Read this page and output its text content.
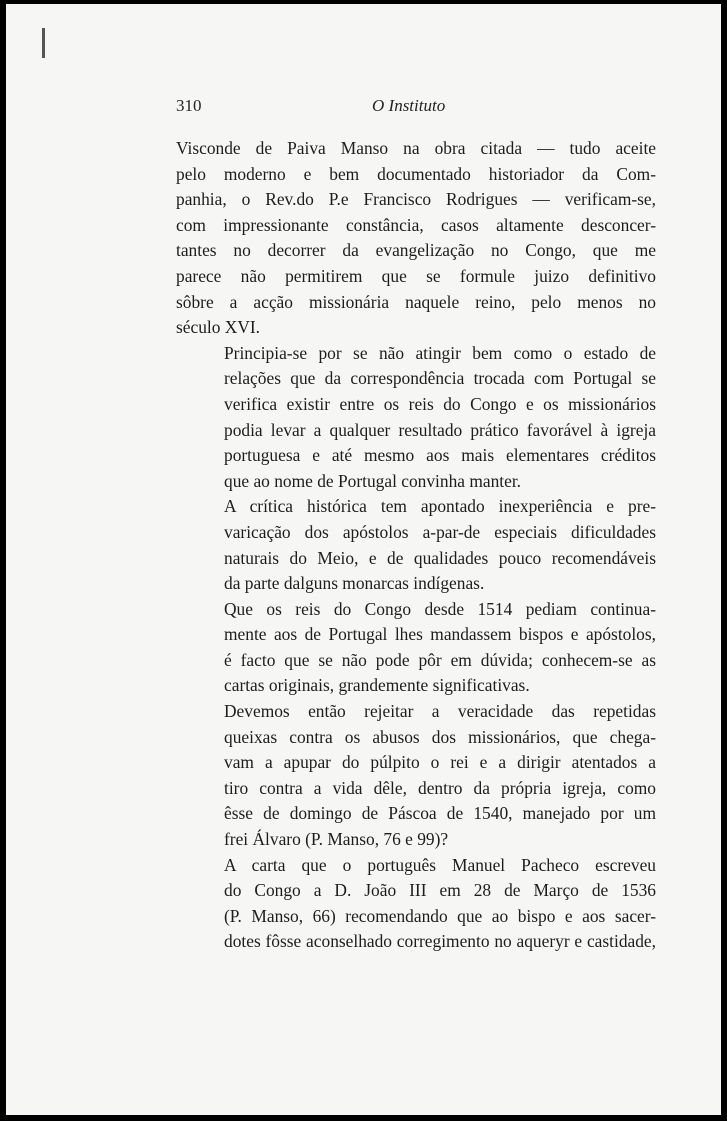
310	O Instituto

Visconde de Paiva Manso na obra citada — tudo aceite
pelo moderno e bem documentado historiador da Com-
panhia, o Rev.do P.e Francisco Rodrigues — verificam-se,
com impressionante constância, casos altamente desconcer-
tantes no decorrer da evangelização no Congo, que me
parece não permitirem que se formule juizo definitivo
sôbre a acção missionária naquele reino, pelo menos no
século XVI.

Principia-se por se não atingir bem como o estado de
relações que da correspondência trocada com Portugal se
verifica existir entre os reis do Congo e os missionários
podia levar a qualquer resultado prático favorável à igreja
portuguesa e até mesmo aos mais elementares créditos
que ao nome de Portugal convinha manter.

A crítica histórica tem apontado inexperiência e pre-
varicação dos apóstolos a-par-de especiais dificuldades
naturais do Meio, e de qualidades pouco recomendáveis
da parte dalguns monarcas indígenas.

Que os reis do Congo desde 1514 pediam continua-
mente aos de Portugal lhes mandassem bispos e apóstolos,
é facto que se não pode pôr em dúvida; conhecem-se as
cartas originais, grandemente significativas.

Devemos então rejeitar a veracidade das repetidas
queixas contra os abusos dos missionários, que chega-
vam a apupar do púlpito o rei e a dirigir atentados a
tiro contra a vida dêle, dentro da própria igreja, como
êsse de domingo de Páscoa de 1540, manejado por um
frei Álvaro (P. Manso, 76 e 99)?

A carta que o português Manuel Pacheco escreveu
do Congo a D. João III em 28 de Março de 1536
(P. Manso, 66) recomendando que ao bispo e aos sacer-
dotes fôsse aconselhado corregimento no aqueryr e castidade,
